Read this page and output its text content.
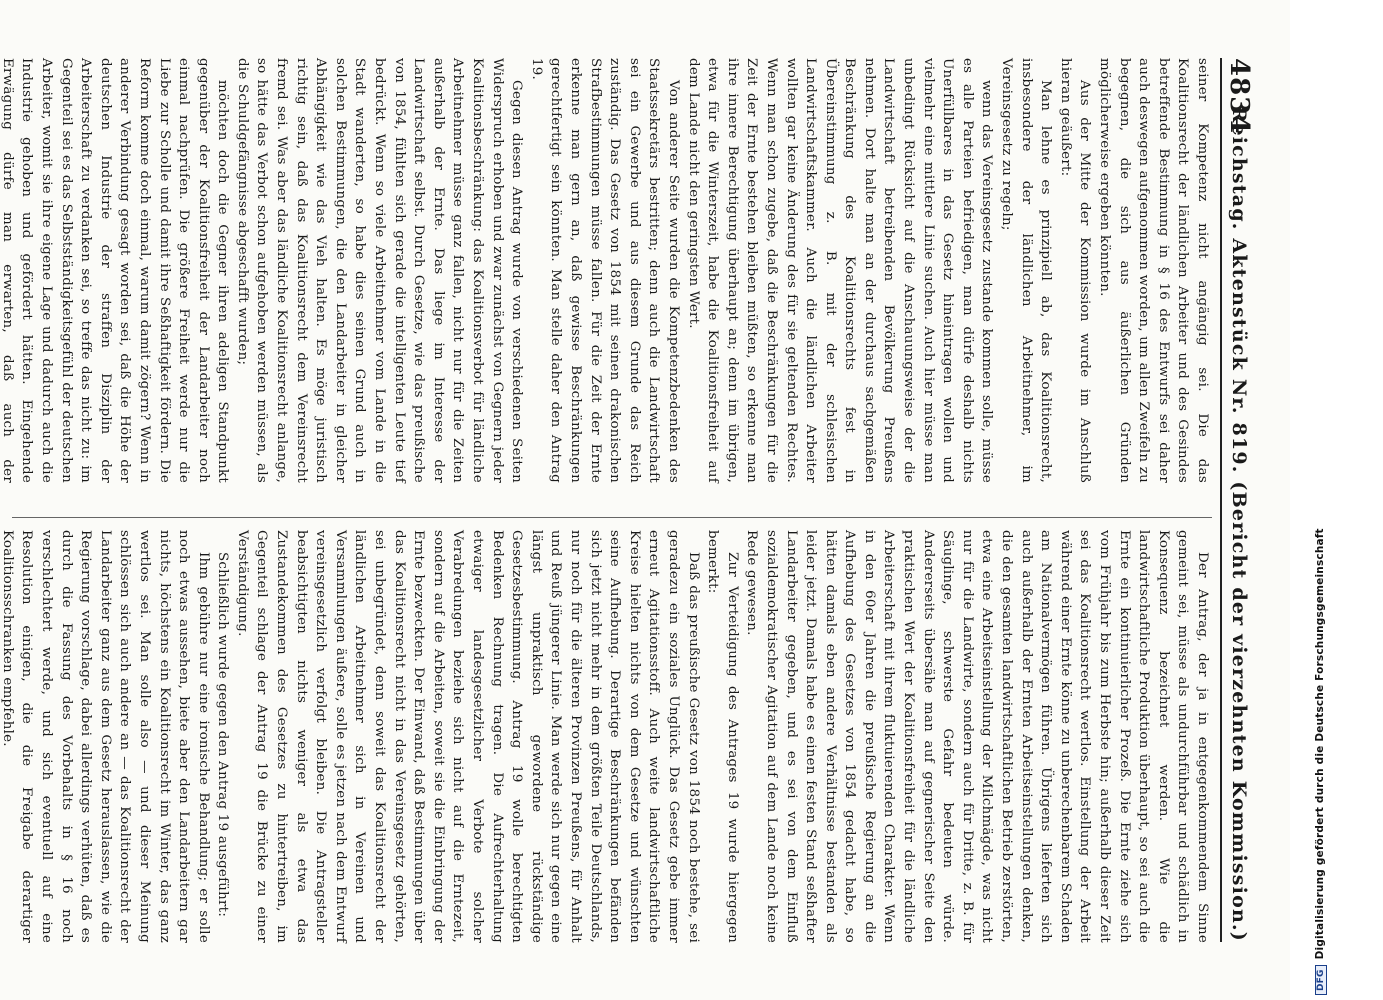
4834
Reichstag. Aktenstück Nr. 819. (Bericht der vierzehnten Kommission.)

seiner Kompetenz nicht angängig sei. Die das Koalitionsrecht der ländlichen Arbeiter und des Gesindes betreffende Bestimmung in § 16 des Entwurfs sei daher auch deswegen aufgenommen worden, um allen Zweifeln zu begegnen, die sich aus äußerlichen Gründen möglicherweise ergeben könnten.

Aus der Mitte der Kommission wurde im Anschluß hieran geäußert:

Man lehne es prinzipiell ab, das Koalitionsrecht, insbesondere der ländlichen Arbeitnehmer, im Vereinsgesetz zu regeln;

wenn das Vereinsgesetz zustande kommen solle, müsse es alle Parteien befriedigen, man dürfe deshalb nichts Unerfüllbares in das Gesetz hineintragen wollen und vielmehr eine mittlere Linie suchen. Auch hier müsse man unbedingt Rücksicht auf die Anschauungsweise der die Landwirtschaft betreibenden Bevölkerung Preußens nehmen. Dort halte man an der durchaus sachgemäßen Beschränkung des Koalitionsrechts fest in Übereinstimmung z. B. mit der schlesischen Landwirtschaftskammer. Auch die ländlichen Arbeiter wollten gar keine Änderung des für sie geltenden Rechtes. Wenn man schon zugebe, daß die Beschränkungen für die Zeit der Ernte bestehen bleiben müßten, so erkenne man ihre innere Berechtigung überhaupt an; denn im übrigen, etwa für die Winterszeit, habe die Koalitionsfreiheit auf dem Lande nicht den geringsten Wert.

Von anderer Seite wurden die Kompetenzbedenken des Staatssekretärs bestritten; denn auch die Landwirtschaft sei ein Gewerbe und aus diesem Grunde das Reich zuständig. Das Gesetz von 1854 mit seinen drakonischen Strafbestimmungen müsse fallen. Für die Zeit der Ernte erkenne man gern an, daß gewisse Beschränkungen gerechtfertigt sein könnten. Man stelle daher den Antrag 19.

Gegen diesen Antrag wurde von verschiedenen Seiten Widerspruch erhoben und zwar zunächst von Gegnern jeder Koalitionsbeschränkung: das Koalitionsverbot für ländliche Arbeitnehmer müsse ganz fallen, nicht nur für die Zeiten außerhalb der Ernte. Das liege im Interesse der Landwirtschaft selbst. Durch Gesetze, wie das preußische von 1854, fühlten sich gerade die intelligenten Leute tief bedrückt. Wenn so viele Arbeitnehmer vom Lande in die Stadt wanderten, so habe dies seinen Grund auch in solchen Bestimmungen, die den Landarbeiter in gleicher Abhängigkeit wie das Vieh halten. Es möge juristisch richtig sein, daß das Koalitionsrecht dem Vereinsrecht fremd sei. Was aber das ländliche Koalitionsrecht anlange, so hätte das Verbot schon aufgehoben werden müssen, als die Schuldgefängnisse abgeschafft wurden;

möchten doch die Gegner ihren adeligen Standpunkt gegenüber der Koalitionsfreiheit der Landarbeiter noch einmal nachprüfen. Die größere Freiheit werde nur die Liebe zur Scholle und damit ihre Seßhaftigkeit fördern. Die Reform komme doch einmal, warum damit zögern? Wenn in anderer Verbindung gesagt worden sei, daß die Höhe der deutschen Industrie der straffen Disziplin der Arbeiterschaft zu verdanken sei, so treffe das nicht zu: im Gegenteil sei es das Selbstständigkeitsgefühl der deutschen Arbeiter, womit sie ihre eigene Lage und dadurch auch die Industrie gehoben und gefördert hätten. Eingehende Erwägung dürfe man erwarten, daß auch der

Der Antrag, der ja in entgegenkommendem Sinne gemeint sei, müsse als undurchführbar und schädlich in Konsequenz bezeichnet werden. Wie die landwirtschaftliche Produktion überhaupt, so sei auch die Ernte ein kontinuierlicher Prozeß. Die Ernte ziehe sich vom Frühjahr bis zum Herbste hin; außerhalb dieser Zeit sei das Koalitionsrecht wertlos. Einstellung der Arbeit während einer Ernte könne zu unberechenbarem Schaden am Nationalvermögen führen. Übrigens lieferten sich auch außerhalb der Ernten Arbeitseinstellungen denken, die den gesamten landwirtschaftlichen Betrieb zerstörten, etwa eine Arbeitseinstellung der Milchmägde, was nicht nur für die Landwirte, sondern auch für Dritte, z. B. für Säuglinge, schwerste Gefahr bedeuten würde. Andererseits übersähe man auf gegnerischer Seite den praktischen Wert der Koalitionsfreiheit für die ländliche Arbeiterschaft mit ihrem fluktuierenden Charakter. Wenn in den 60er Jahren die preußische Regierung an die Aufhebung des Gesetzes von 1854 gedacht habe, so hätten damals eben andere Verhältnisse bestanden als leider jetzt. Damals habe es einen festen Stand seßhafter Landarbeiter gegeben, und es sei von dem Einfluß sozialdemokratischer Agitation auf dem Lande noch keine Rede gewesen.

Zur Verteidigung des Antrages 19 wurde hiergegen bemerkt:

Daß das preußische Gesetz von 1854 noch bestehe, sei geradezu ein soziales Unglück. Das Gesetz gebe immer erneut Agitationsstoff. Auch weite landwirtschaftliche Kreise hielten nichts von dem Gesetze und wünschten seine Aufhebung. Derartige Beschränkungen befänden sich jetzt nicht mehr in dem größten Teile Deutschlands, nur noch für die älteren Provinzen Preußens, für Anhalt und Reuß jüngerer Linie. Man werde sich nur gegen eine längst unpraktisch gewordene rückständige Gesetzesbestimmung. Antrag 19 wolle berechtigten Bedenken Rechnung tragen. Die Aufrechterhaltung etwaiger landesgesetzlicher Verbote solcher Verabredungen beziehe sich nicht auf die Erntezeit, sondern auf die Arbeiten, soweit sie die Einbringung der Ernte bezweckten. Der Einwand, daß Bestimmungen über das Koalitionsrecht nicht in das Vereinsgesetz gehörten, sei unbegründet, denn soweit das Koalitionsrecht der ländlichen Arbeitnehmer sich in Vereinen und Versammlungen äußere, solle es jetzen nach dem Entwurf vereinsgesetzlich verfolgt bleiben. Die Antragsteller beabsichtigten nichts weniger als etwa das Zustandekommen des Gesetzes zu hintertreiben, im Gegenteil schlage der Antrag 19 die Brücke zu einer Verständigung.

Schließlich wurde gegen den Antrag 19 ausgeführt:

Ihm gebühre nur eine ironische Behandlung; er solle noch etwas aussehen, biete aber den Landarbeitern gar nichts, höchstens ein Koalitionsrecht im Winter, das ganz wertlos sei. Man solle also — und dieser Meinung schlössen sich auch andere an — das Koalitionsrecht der Landarbeiter ganz aus dem Gesetz herauslassen, wie die Regierung vorschlage, dabei allerdings verhüten, daß es durch die Fassung des Vorbehalts in § 16 noch verschlechtert werde, und sich eventuell auf eine Resolution einigen, die die Freigabe derartiger Koalitionsschranken empfehle.

DFGDigitalisierung gefördert durch die Deutsche Forschungsgemeinschaft
